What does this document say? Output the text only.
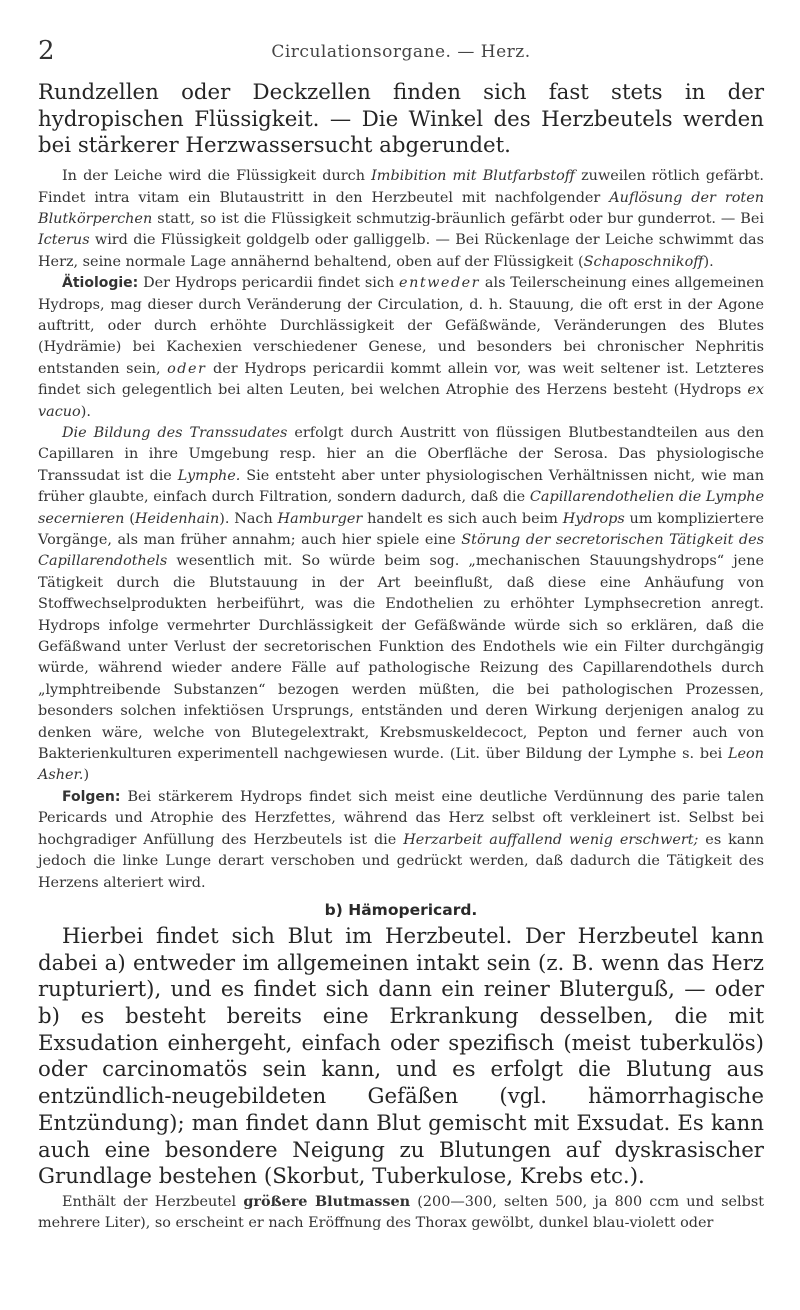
2	Circulationsorgane. — Herz.

Rundzellen oder Deckzellen finden sich fast stets in der hydropischen Flüssigkeit. — Die Winkel des Herzbeutels werden bei stärkerer Herzwassersucht abgerundet.

In der Leiche wird die Flüssigkeit durch Imbibition mit Blutfarbstoff zuweilen rötlich gefärbt. Findet intra vitam ein Blutaustritt in den Herzbeutel mit nachfolgender Auflösung der roten Blutkörperchen statt, so ist die Flüssigkeit schmutzig-bräunlich gefärbt oder bur gunderrot. — Bei Icterus wird die Flüssigkeit goldgelb oder galliggelb. — Bei Rückenlage der Leiche schwimmt das Herz, seine normale Lage annähernd behaltend, oben auf der Flüssigkeit (Schaposchnikoff).

Ätiologie: Der Hydrops pericardii findet sich entweder als Teilerscheinung eines allgemeinen Hydrops, mag dieser durch Veränderung der Circulation, d. h. Stauung, die oft erst in der Agone auftritt, oder durch erhöhte Durchlässigkeit der Gefäßwände, Veränderungen des Blutes (Hydrämie) bei Kachexien verschiedener Genese, und besonders bei chronischer Nephritis entstanden sein, oder der Hydrops pericardii kommt allein vor, was weit seltener ist. Letzteres findet sich gelegentlich bei alten Leuten, bei welchen Atrophie des Herzens besteht (Hydrops ex vacuo).

Die Bildung des Transsudates erfolgt durch Austritt von flüssigen Blutbestandteilen aus den Capillaren in ihre Umgebung resp. hier an die Oberfläche der Serosa. Das physiologische Transsudat ist die Lymphe. Sie entsteht aber unter physiologischen Verhältnissen nicht, wie man früher glaubte, einfach durch Filtration, sondern dadurch, daß die Capillarendothelien die Lymphe secernieren (Heidenhain). Nach Hamburger handelt es sich auch beim Hydrops um kompliziertere Vorgänge, als man früher annahm; auch hier spiele eine Störung der secretorischen Tätigkeit des Capillarendothels wesentlich mit. So würde beim sog. „mechanischen Stauungshydrops“ jene Tätigkeit durch die Blutstauung in der Art beeinflußt, daß diese eine Anhäufung von Stoffwechselprodukten herbeiführt, was die Endothelien zu erhöhter Lymphsecretion anregt. Hydrops infolge vermehrter Durchlässigkeit der Gefäßwände würde sich so erklären, daß die Gefäßwand unter Verlust der secretorischen Funktion des Endothels wie ein Filter durchgängig würde, während wieder andere Fälle auf pathologische Reizung des Capillarendothels durch „lymphtreibende Substanzen“ bezogen werden müßten, die bei pathologischen Prozessen, besonders solchen infektiösen Ursprungs, entständen und deren Wirkung derjenigen analog zu denken wäre, welche von Blutegelextrakt, Krebsmuskeldecoct, Pepton und ferner auch von Bakterienkulturen experimentell nachgewiesen wurde. (Lit. über Bildung der Lymphe s. bei Leon Asher.)

Folgen: Bei stärkerem Hydrops findet sich meist eine deutliche Verdünnung des parie talen Pericards und Atrophie des Herzfettes, während das Herz selbst oft verkleinert ist. Selbst bei hochgradiger Anfüllung des Herzbeutels ist die Herzarbeit auffallend wenig erschwert; es kann jedoch die linke Lunge derart verschoben und gedrückt werden, daß dadurch die Tätigkeit des Herzens alteriert wird.

b) Hämopericard.

Hierbei findet sich Blut im Herzbeutel. Der Herzbeutel kann dabei a) entweder im allgemeinen intakt sein (z. B. wenn das Herz rupturiert), und es findet sich dann ein reiner Bluterguß, — oder b) es besteht bereits eine Erkrankung desselben, die mit Exsudation einhergeht, einfach oder spezifisch (meist tuberkulös) oder carcinomatös sein kann, und es erfolgt die Blutung aus entzündlich-neugebildeten Gefäßen (vgl. hämorrhagische Entzündung); man findet dann Blut gemischt mit Exsudat. Es kann auch eine besondere Neigung zu Blutungen auf dyskrasischer Grundlage bestehen (Skorbut, Tuberkulose, Krebs etc.).

Enthält der Herzbeutel größere Blutmassen (200—300, selten 500, ja 800 ccm und selbst mehrere Liter), so erscheint er nach Eröffnung des Thorax gewölbt, dunkel blau-violett oder
